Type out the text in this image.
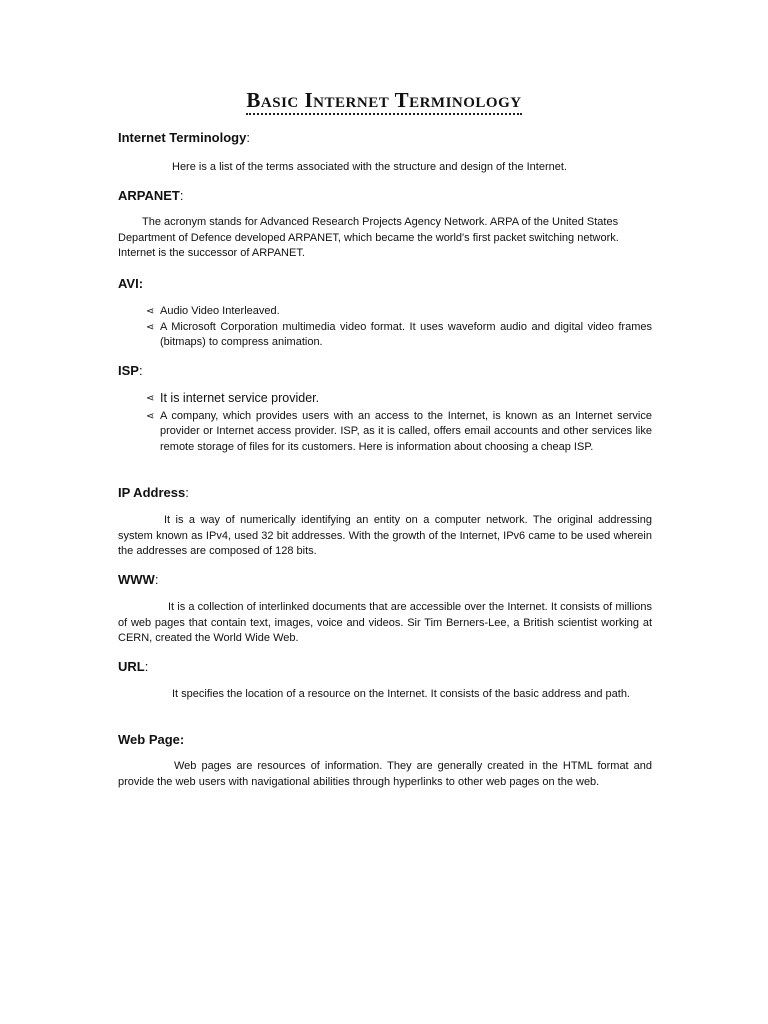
Basic Internet Terminology
Internet Terminology:
Here is a list of the terms associated with the structure and design of the Internet.
ARPANET:
The acronym stands for Advanced Research Projects Agency Network. ARPA of the United States Department of Defence developed ARPANET, which became the world's first packet switching network. Internet is the successor of ARPANET.
AVI:
⋖ Audio Video Interleaved.
⋖ A Microsoft Corporation multimedia video format. It uses waveform audio and digital video frames (bitmaps) to compress animation.
ISP:
⋖ It is internet service provider.
⋖ A company, which provides users with an access to the Internet, is known as an Internet service provider or Internet access provider. ISP, as it is called, offers email accounts and other services like remote storage of files for its customers. Here is information about choosing a cheap ISP.
IP Address:
It is a way of numerically identifying an entity on a computer network. The original addressing system known as IPv4, used 32 bit addresses. With the growth of the Internet, IPv6 came to be used wherein the addresses are composed of 128 bits.
WWW:
It is a collection of interlinked documents that are accessible over the Internet. It consists of millions of web pages that contain text, images, voice and videos. Sir Tim Berners-Lee, a British scientist working at CERN, created the World Wide Web.
URL:
It specifies the location of a resource on the Internet. It consists of the basic address and path.
Web Page:
Web pages are resources of information. They are generally created in the HTML format and provide the web users with navigational abilities through hyperlinks to other web pages on the web.
